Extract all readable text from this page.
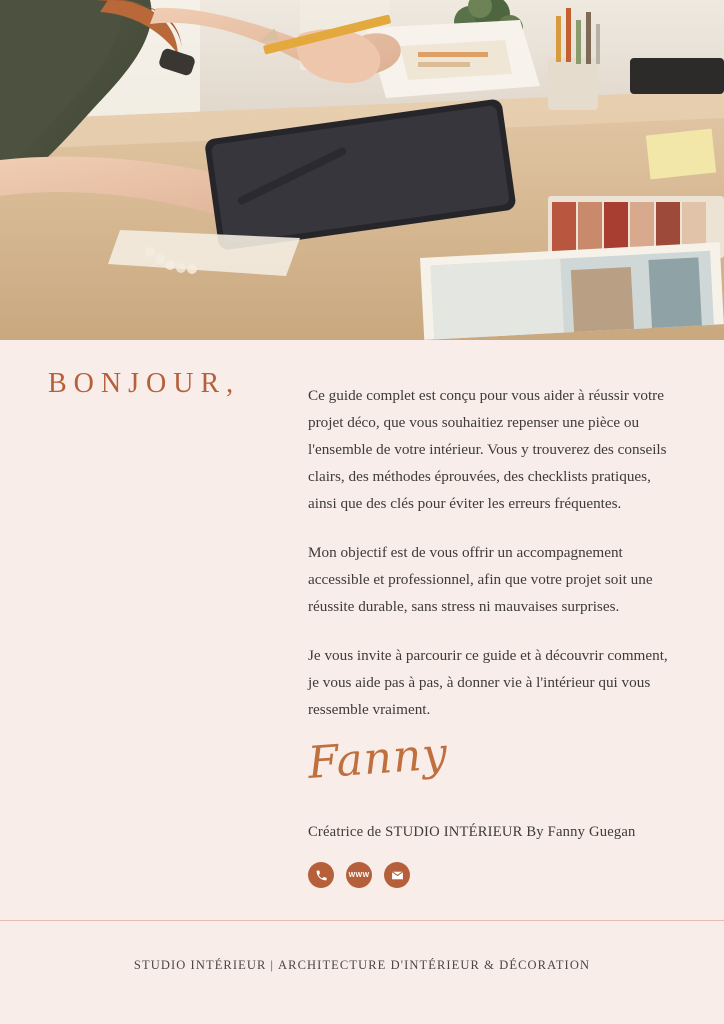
BONJOUR,	Ce guide complet est conçu pour vous aider à réussir votre projet déco, que vous souhaitiez repenser une pièce ou l'ensemble de votre intérieur. Vous y trouverez des conseils clairs, des méthodes éprouvées, des checklists pratiques, ainsi que des clés pour éviter les erreurs fréquentes.

Mon objectif est de vous offrir un accompagnement accessible et professionnel, afin que votre projet soit une réussite durable, sans stress ni mauvaises surprises.

Je vous invite à parcourir ce guide et à découvrir comment, je vous aide pas à pas, à donner vie à l'intérieur qui vous ressemble vraiment.

Fanny
Créatrice de STUDIO INTÉRIEUR By Fanny Guegan
WWW
STUDIO INTÉRIEUR | ARCHITECTURE D'INTÉRIEUR & DÉCORATION
